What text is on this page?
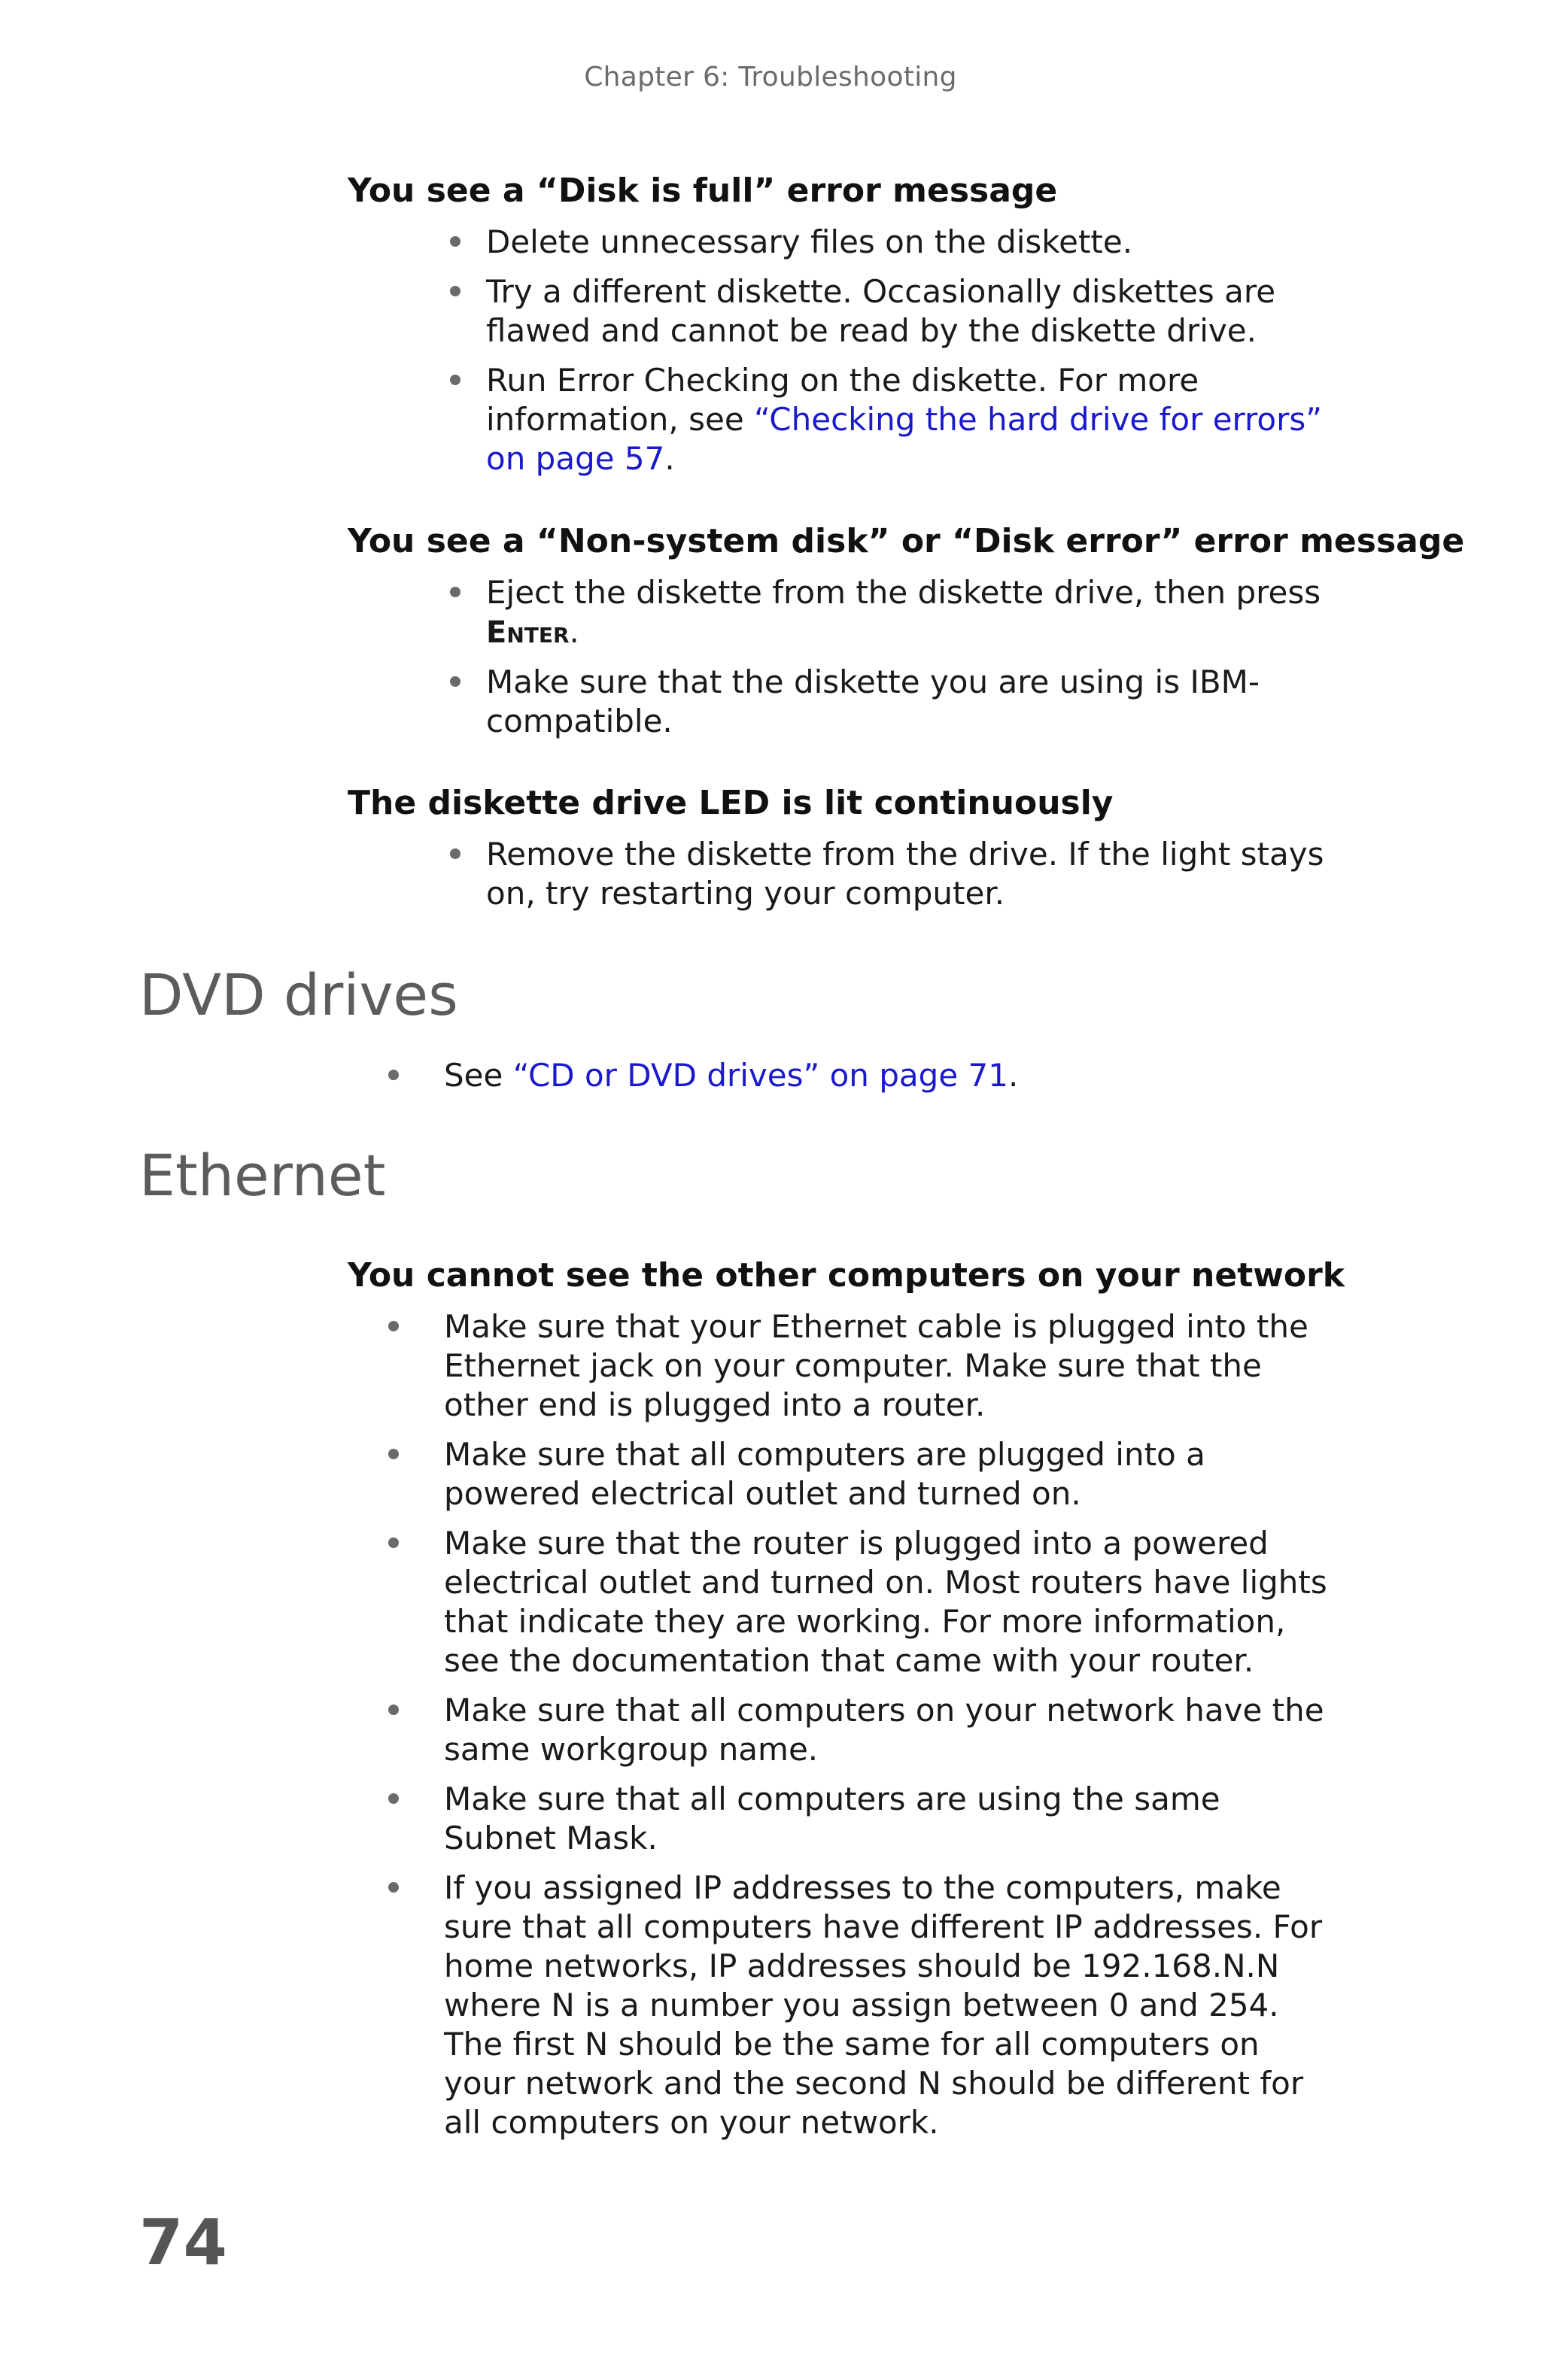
Chapter 6: Troubleshooting
You see a “Disk is full” error message
Delete unnecessary files on the diskette.
Try a different diskette. Occasionally diskettes are flawed and cannot be read by the diskette drive.
Run Error Checking on the diskette. For more information, see “Checking the hard drive for errors” on page 57.
You see a “Non-system disk” or “Disk error” error message
Eject the diskette from the diskette drive, then press Enter.
Make sure that the diskette you are using is IBM-compatible.
The diskette drive LED is lit continuously
Remove the diskette from the drive. If the light stays on, try restarting your computer.
DVD drives
See “CD or DVD drives” on page 71.
Ethernet
You cannot see the other computers on your network
Make sure that your Ethernet cable is plugged into the Ethernet jack on your computer. Make sure that the other end is plugged into a router.
Make sure that all computers are plugged into a powered electrical outlet and turned on.
Make sure that the router is plugged into a powered electrical outlet and turned on. Most routers have lights that indicate they are working. For more information, see the documentation that came with your router.
Make sure that all computers on your network have the same workgroup name.
Make sure that all computers are using the same Subnet Mask.
If you assigned IP addresses to the computers, make sure that all computers have different IP addresses. For home networks, IP addresses should be 192.168.N.N where N is a number you assign between 0 and 254. The first N should be the same for all computers on your network and the second N should be different for all computers on your network.
74
